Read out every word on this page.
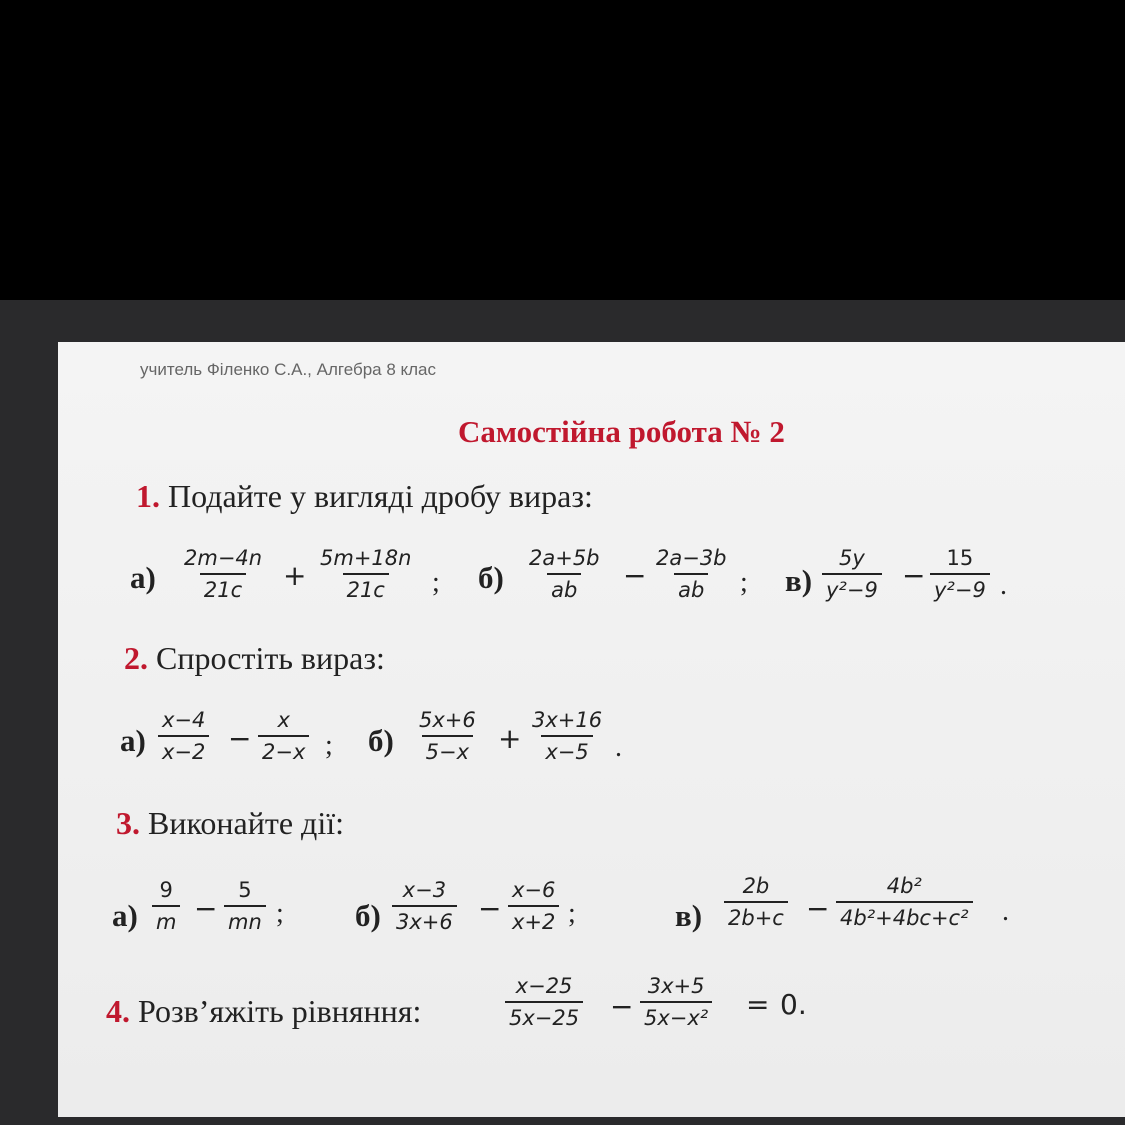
учитель Філенко С.А., Алгебра 8 клас
Самостійна робота № 2
1. Подайте у вигляді дробу вираз:
$а) \frac{2m-4n}{21c} + \frac{5m+18n}{21c}$ ; $б) \frac{2a+5b}{ab} - \frac{2a-3b}{ab}$ ; $в) \frac{5y}{\text{y²−9}} - \frac{15}{\text{y²−9}}$ .
2. Спростіть вираз:
$а) \frac{x-4}{x-2} - \frac{x}{2-x}$ ; $б) \frac{5x+6}{5-x} + \frac{3x+16}{x-5}$ .
3. Виконайте дії:
$а) \frac{9}{m} - \frac{5}{mn}$ ; $б) \frac{x-3}{3x+6} - \frac{x-6}{x+2}$ ;	$в) \frac{2b}{2b+c} - \frac{\text{4b²}}{\text{4b²+4bc+c²}}$ .
4. Розв’яжіть рівняння:	$\frac{x-25}{5x-25} - \frac{3x+5}{\text{5x−x²}} = 0$.
